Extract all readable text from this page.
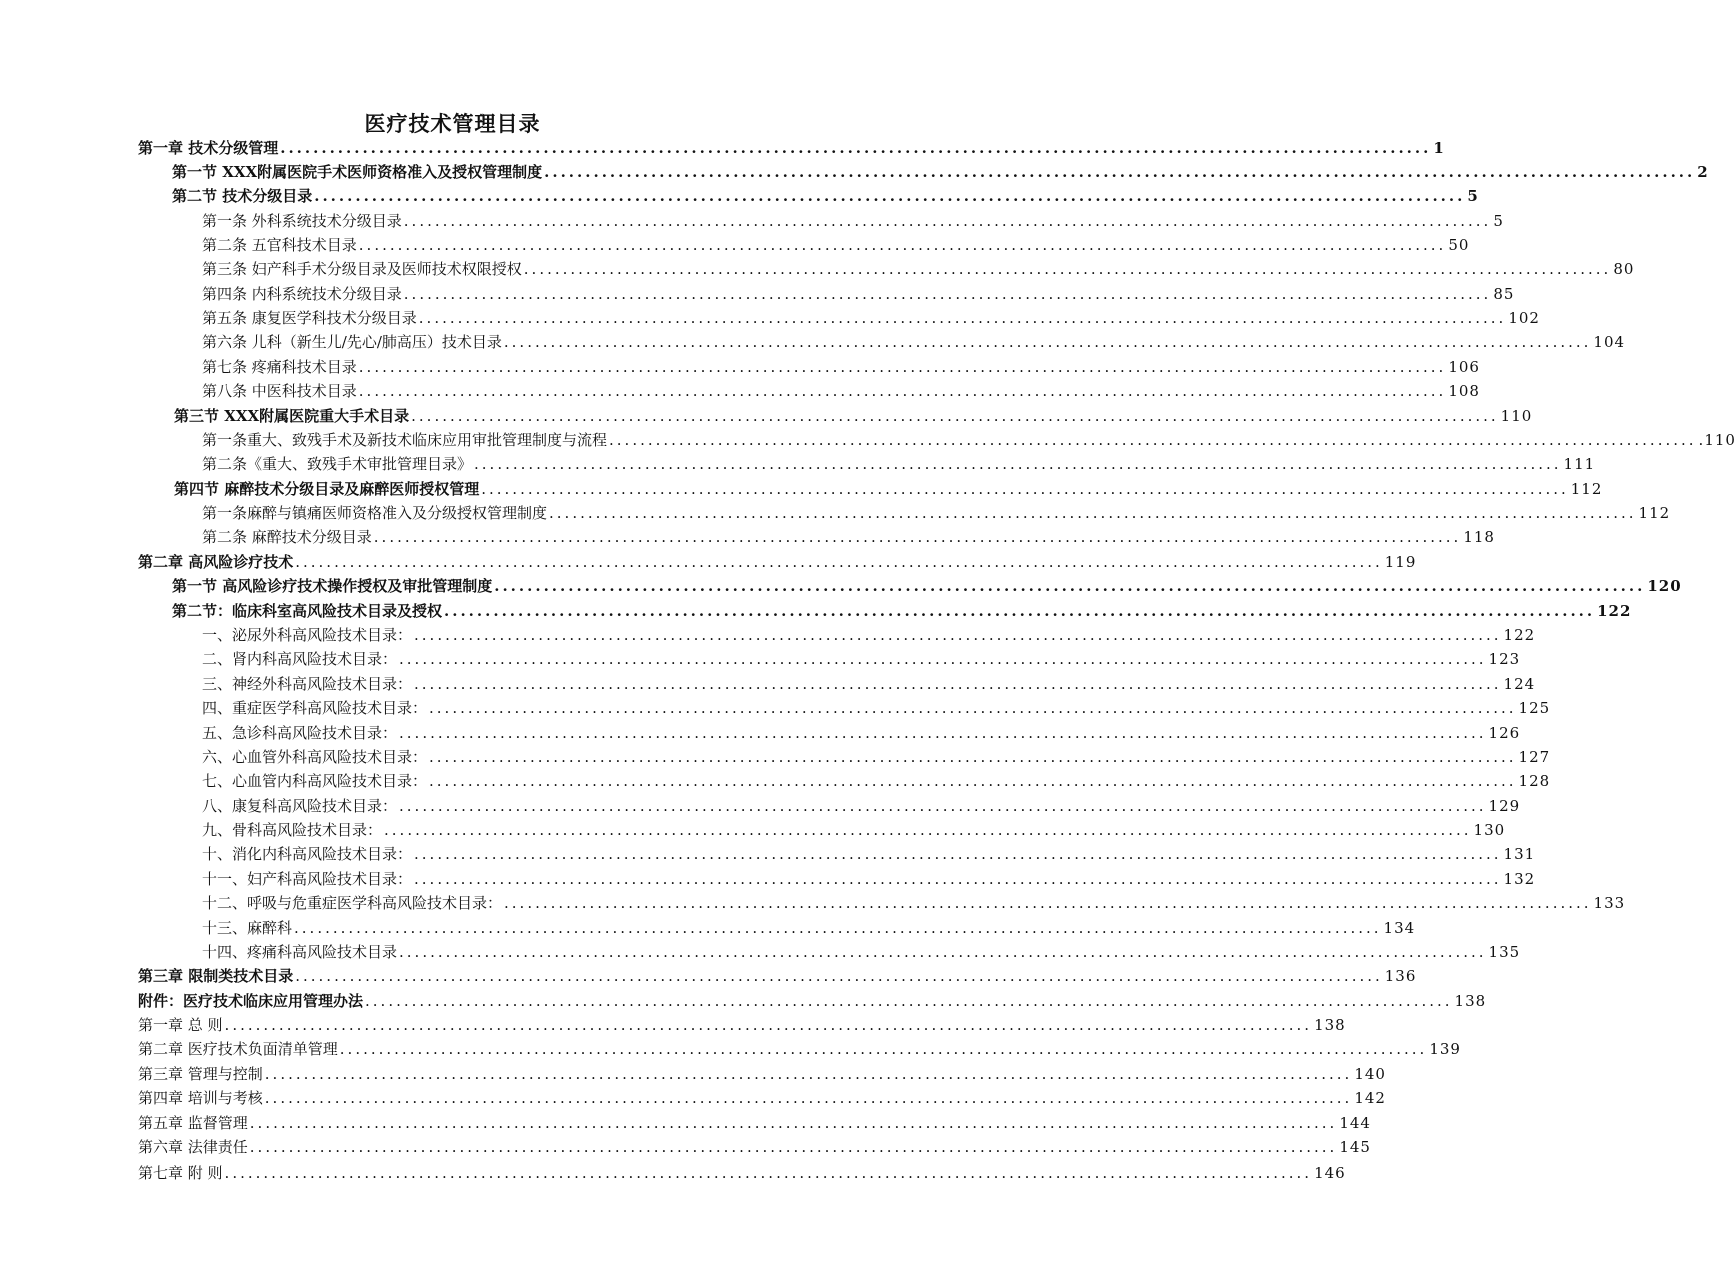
医疗技术管理目录
第一章 技术分级管理 ............................................................................................................................................ 1
第一节 XXX附属医院手术医师资格准入及授权管理制度 ............................................................................................................................................ 2
第二节 技术分级目录 ............................................................................................................................................ 5
第一条 外科系统技术分级目录 ............................................................................................................................................ 5
第二条 五官科技术目录 ............................................................................................................................................ 50
第三条 妇产科手术分级目录及医师技术权限授权 ............................................................................................................................................ 80
第四条 内科系统技术分级目录 ............................................................................................................................................ 85
第五条 康复医学科技术分级目录 ............................................................................................................................................ 102
第六条 儿科（新生儿/先心/肺高压）技术目录 ............................................................................................................................................ 104
第七条 疼痛科技术目录 ............................................................................................................................................ 106
第八条 中医科技术目录 ............................................................................................................................................ 108
第三节 XXX附属医院重大手术目录 ............................................................................................................................................ 110
第一条重大、致残手术及新技术临床应用审批管理制度与流程 ............................................................................................................................................ .110
第二条《重大、致残手术审批管理目录》 ............................................................................................................................................ 111
第四节 麻醉技术分级目录及麻醉医师授权管理 ............................................................................................................................................ 112
第一条麻醉与镇痛医师资格准入及分级授权管理制度 ............................................................................................................................................ 112
第二条 麻醉技术分级目录 ............................................................................................................................................ 118
第二章 高风险诊疗技术 ............................................................................................................................................ 119
第一节 高风险诊疗技术操作授权及审批管理制度 ............................................................................................................................................ 120
第二节：临床科室高风险技术目录及授权 ............................................................................................................................................ 122
一、泌尿外科高风险技术目录： ............................................................................................................................................ 122
二、肾内科高风险技术目录： ............................................................................................................................................ 123
三、神经外科高风险技术目录： ............................................................................................................................................ 124
四、重症医学科高风险技术目录： ............................................................................................................................................ 125
五、急诊科高风险技术目录： ............................................................................................................................................ 126
六、心血管外科高风险技术目录： ............................................................................................................................................ 127
七、心血管内科高风险技术目录： ............................................................................................................................................ 128
八、康复科高风险技术目录： ............................................................................................................................................ 129
九、骨科高风险技术目录： ............................................................................................................................................ 130
十、消化内科高风险技术目录： ............................................................................................................................................ 131
十一、妇产科高风险技术目录： ............................................................................................................................................ 132
十二、呼吸与危重症医学科高风险技术目录： ............................................................................................................................................ 133
十三、麻醉科 ............................................................................................................................................ 134
十四、疼痛科高风险技术目录 ............................................................................................................................................ 135
第三章 限制类技术目录 ............................................................................................................................................ 136
附件：医疗技术临床应用管理办法 ............................................................................................................................................ 138
第一章 总 则 ............................................................................................................................................ 138
第二章 医疗技术负面清单管理 ............................................................................................................................................ 139
第三章 管理与控制 ............................................................................................................................................ 140
第四章 培训与考核 ............................................................................................................................................ 142
第五章 监督管理 ............................................................................................................................................ 144
第六章 法律责任 ............................................................................................................................................ 145
第七章 附 则 ............................................................................................................................................ 146
